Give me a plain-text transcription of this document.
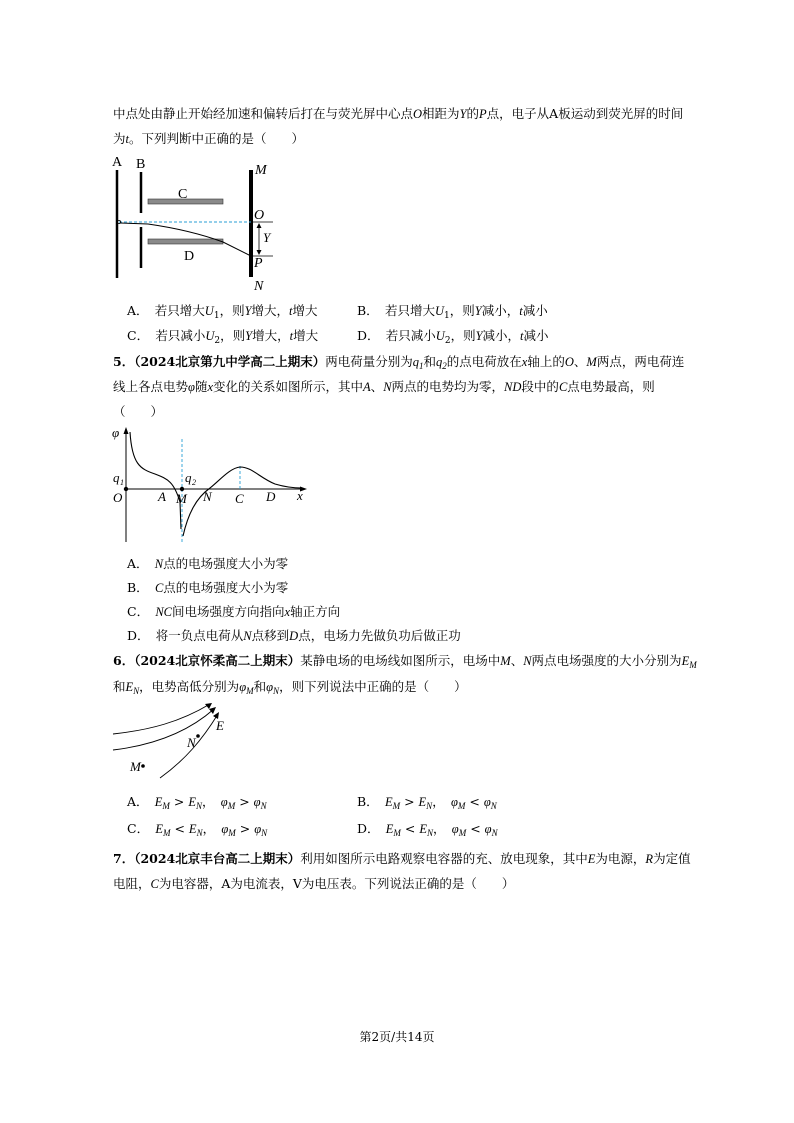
中点处由静止开始经加速和偏转后打在与荧光屏中心点O相距为Y的P点，电子从A板运动到荧光屏的时间
为t。下列判断中正确的是（　　）
A B
C
D
M
O
Y
P
N
A．  若只增大$U_1$，则Y增大，t增大	B．  若只增大$U_1$，则Y减小，t减小
C．  若只减小$U_2$，则Y增大，t增大	D．  若只减小$U_2$，则Y减小，t减小
5．（2024北京第九中学高二上期末）两电荷量分别为$q_1$和$q_2$的点电荷放在x轴上的O、M两点，两电荷连
线上各点电势φ随x变化的关系如图所示，其中A、N两点的电势均为零，ND段中的C点电势最高，则
（　　）
φ
q 1	q 2
O	A M N C D x
A．  N点的电场强度大小为零
B．  C点的电场强度大小为零
C．  NC间电场强度方向指向x轴正方向
D．  将一负点电荷从N点移到D点，电场力先做负功后做正功
6．（2024北京怀柔高二上期末）某静电场的电场线如图所示，电场中M、N两点电场强度的大小分别为$E_M$
和$E_N$，电势高低分别为$\varphi_M$和$\varphi_N$，则下列说法中正确的是（　　）
E
N
M
A．  $E_M > E_N$， $\varphi_M > \varphi_N$	B．  $E_M > E_N$， $\varphi_M < \varphi_N$
C．  $E_M < E_N$， $\varphi_M > \varphi_N$	D．  $E_M < E_N$， $\varphi_M < \varphi_N$
7．（2024北京丰台高二上期末）利用如图所示电路观察电容器的充、放电现象，其中E为电源，R为定值
电阻，C为电容器，A为电流表，V为电压表。下列说法正确的是（　　）
第2页/共14页
